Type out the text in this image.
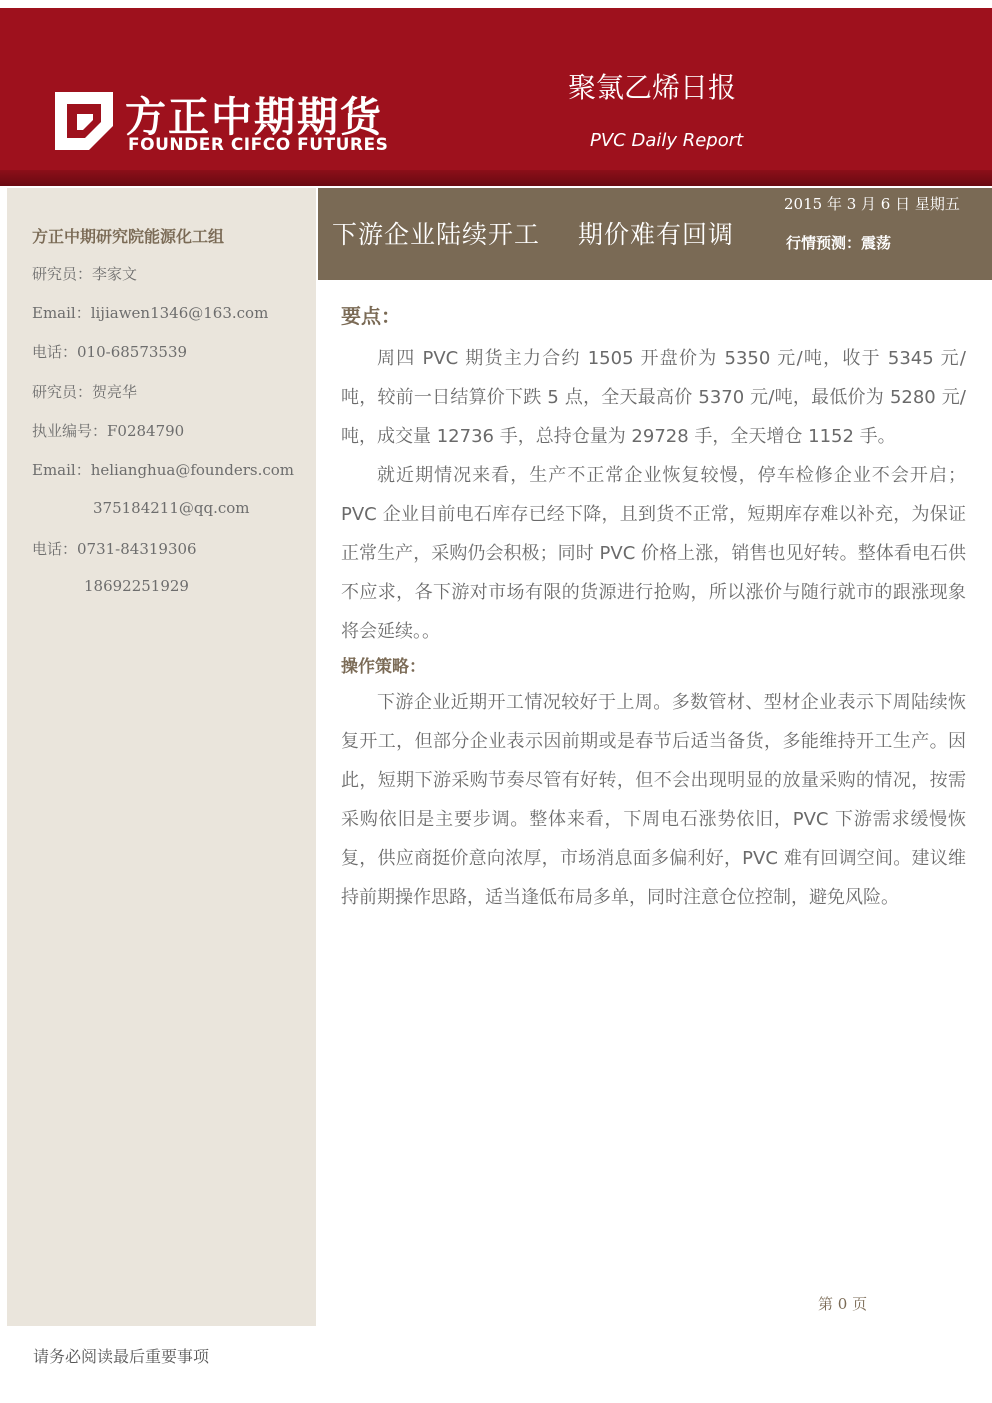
方正中期期货
FOUNDER CIFCO FUTURES
聚氯乙烯日报
PVC Daily Report
方正中期研究院能源化工组
研究员：李家文
Email：lijiawen1346@163.com
电话：010-68573539
研究员：贺亮华
执业编号：F0284790
Email：helianghua@founders.com
375184211@qq.com
电话：0731-84319306
18692251929
下游企业陆续开工 期价难有回调
2015 年 3 月 6 日 星期五
行情预测：震荡

要点：

周四 PVC 期货主力合约 1505 开盘价为 5350 元/吨，收于 5345 元/吨，较前一日结算价下跌 5 点，全天最高价 5370 元/吨，最低价为 5280 元/吨，成交量 12736 手，总持仓量为 29728 手，全天增仓 1152 手。

就近期情况来看，生产不正常企业恢复较慢，停车检修企业不会开启； PVC 企业目前电石库存已经下降，且到货不正常，短期库存难以补充，为保证正常生产，采购仍会积极；同时 PVC 价格上涨，销售也见好转。整体看电石供不应求，各下游对市场有限的货源进行抢购，所以涨价与随行就市的跟涨现象将会延续。。

操作策略：

下游企业近期开工情况较好于上周。多数管材、型材企业表示下周陆续恢复开工，但部分企业表示因前期或是春节后适当备货，多能维持开工生产。因此，短期下游采购节奏尽管有好转，但不会出现明显的放量采购的情况，按需采购依旧是主要步调。整体来看，下周电石涨势依旧，PVC 下游需求缓慢恢复，供应商挺价意向浓厚，市场消息面多偏利好，PVC 难有回调空间。建议维持前期操作思路，适当逢低布局多单，同时注意仓位控制，避免风险。

第 0 页
请务必阅读最后重要事项
